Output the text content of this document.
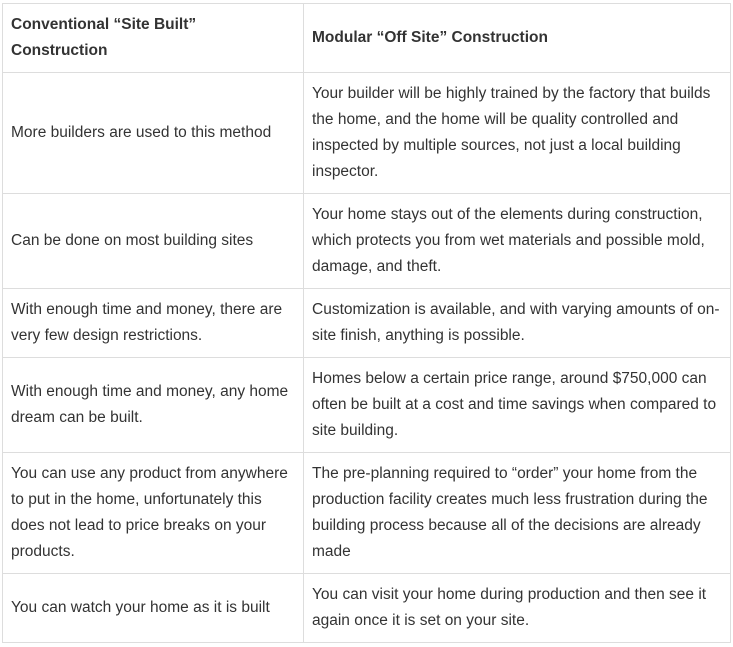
Conventional “Site Built” Construction	Modular “Off Site” Construction
More builders are used to this method	Your builder will be highly trained by the factory that builds the home, and the home will be quality controlled and inspected by multiple sources, not just a local building inspector.
Can be done on most building sites	Your home stays out of the elements during construction, which protects you from wet materials and possible mold, damage, and theft.
With enough time and money, there are very few design restrictions.	Customization is available, and with varying amounts of on-site finish, anything is possible.
With enough time and money, any home dream can be built.	Homes below a certain price range, around $750,000 can often be built at a cost and time savings when compared to site building.
You can use any product from anywhere to put in the home, unfortunately this does not lead to price breaks on your products.	The pre-planning required to “order” your home from the production facility creates much less frustration during the building process because all of the decisions are already made
You can watch your home as it is built	You can visit your home during production and then see it again once it is set on your site.
